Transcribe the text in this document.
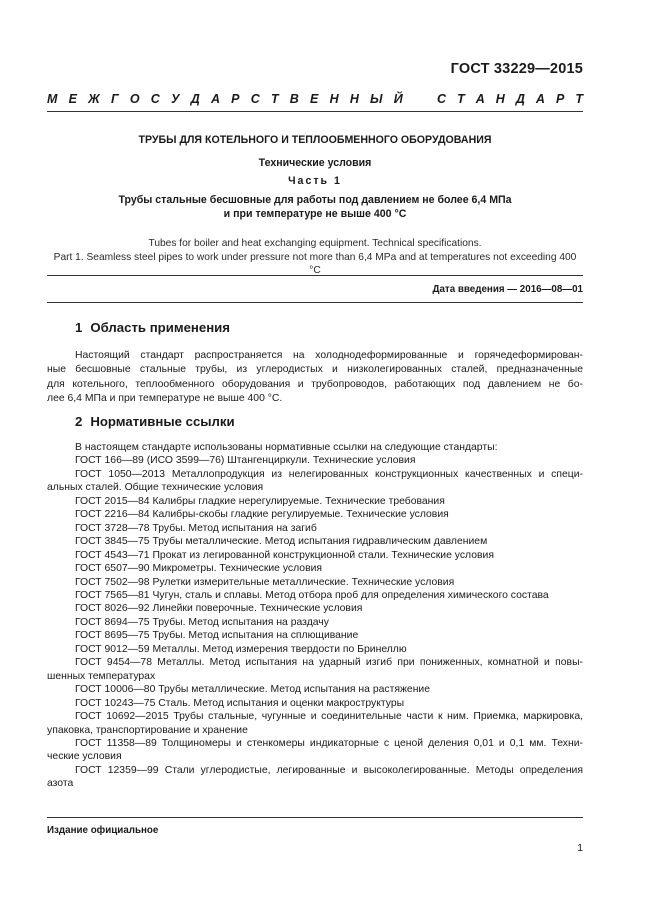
ГОСТ 33229—2015
М Е Ж Г О С У Д А Р С Т В Е Н Н Ы Й	С Т А Н Д А Р Т
ТРУБЫ ДЛЯ КОТЕЛЬНОГО И ТЕПЛООБМЕННОГО ОБОРУДОВАНИЯ
Технические условия
Часть 1
Трубы стальные бесшовные для работы под давлением не более 6,4 МПа
и при температуре не выше 400 °С
Tubes for boiler and heat exchanging equipment. Technical specifications.
Part 1. Seamless steel pipes to work under pressure not more than 6,4 MPa and at temperatures not exceeding 400 °C
Дата введения — 2016—08—01
1 Область применения
Настоящий стандарт распространяется на холоднодеформированные и горячедеформирован-
ные бесшовные стальные трубы, из углеродистых и низколегированных сталей, предназначенные
для котельного, теплообменного оборудования и трубопроводов, работающих под давлением не бо-
лее 6,4 МПа и при температуре не выше 400 °С.
2 Нормативные ссылки
В настоящем стандарте использованы нормативные ссылки на следующие стандарты:
ГОСТ 166—89 (ИСО 3599—76) Штангенциркули. Технические условия
ГОСТ 1050—2013 Металлопродукция из нелегированных конструкционных качественных и специ-альных сталей. Общие технические условия
ГОСТ 2015—84 Калибры гладкие нерегулируемые. Технические требования
ГОСТ 2216—84 Калибры-скобы гладкие регулируемые. Технические условия
ГОСТ 3728—78 Трубы. Метод испытания на загиб
ГОСТ 3845—75 Трубы металлические. Метод испытания гидравлическим давлением
ГОСТ 4543—71 Прокат из легированной конструкционной стали. Технические условия
ГОСТ 6507—90 Микрометры. Технические условия
ГОСТ 7502—98 Рулетки измерительные металлические. Технические условия
ГОСТ 7565—81 Чугун, сталь и сплавы. Метод отбора проб для определения химического состава
ГОСТ 8026—92 Линейки поверочные. Технические условия
ГОСТ 8694—75 Трубы. Метод испытания на раздачу
ГОСТ 8695—75 Трубы. Метод испытания на сплющивание
ГОСТ 9012—59 Металлы. Метод измерения твердости по Бринеллю
ГОСТ 9454—78 Металлы. Метод испытания на ударный изгиб при пониженных, комнатной и повы-шенных температурах
ГОСТ 10006—80 Трубы металлические. Метод испытания на растяжение
ГОСТ 10243—75 Сталь. Метод испытания и оценки макроструктуры
ГОСТ 10692—2015 Трубы стальные, чугунные и соединительные части к ним. Приемка, маркировка, упаковка, транспортирование и хранение
ГОСТ 11358—89 Толщиномеры и стенкомеры индикаторные с ценой деления 0,01 и 0,1 мм. Техни-ческие условия
ГОСТ 12359—99 Стали углеродистые, легированные и высоколегированные. Методы определения азота
Издание официальное
1
